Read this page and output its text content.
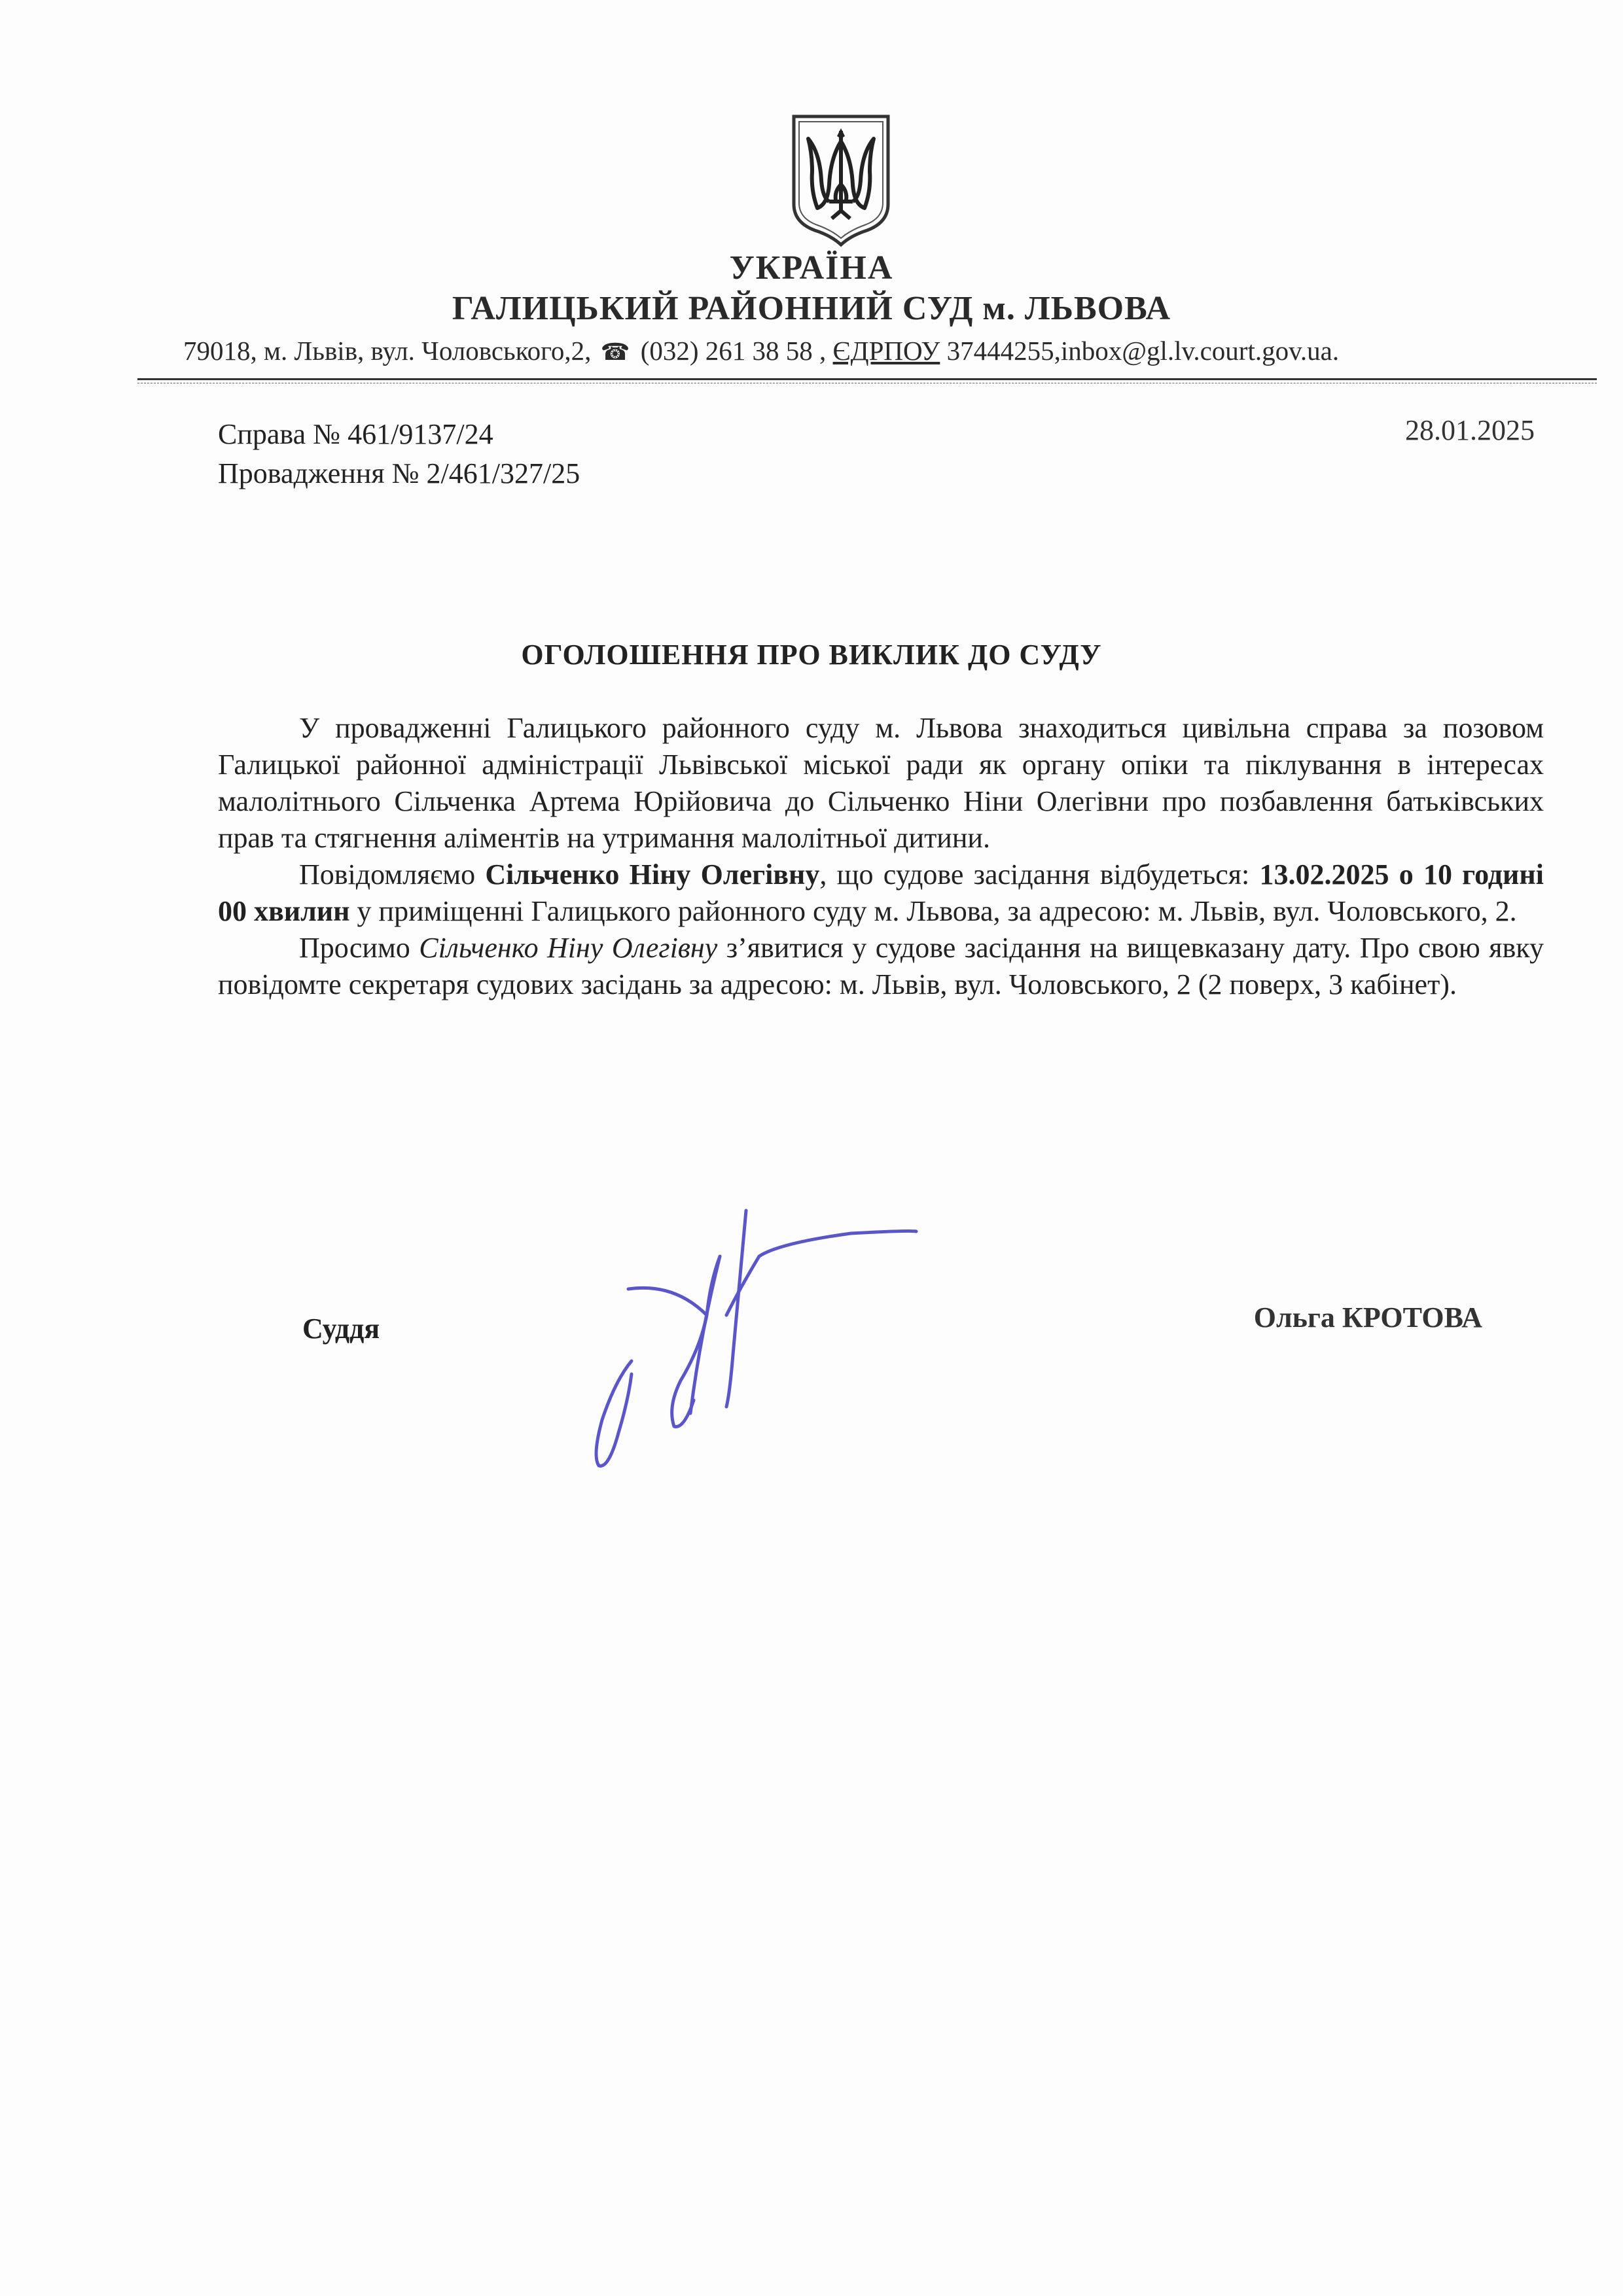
УКРАЇНА
ГАЛИЦЬКИЙ РАЙОННИЙ СУД м. ЛЬВОВА
79018, м. Львів, вул. Чоловського,2, ☎ (032) 261 38 58 , ЄДРПОУ 37444255,inbox@gl.lv.court.gov.ua.
Справа № 461/9137/24
Провадження № 2/461/327/25
28.01.2025
ОГОЛОШЕННЯ ПРО ВИКЛИК ДО СУДУ

У провадженні Галицького районного суду м. Львова знаходиться цивільна справа за позовом Галицької районної адміністрації Львівської міської ради як органу опіки та піклування в інтересах малолітнього Сільченка Артема Юрійовича до Сільченко Ніни Олегівни про позбавлення батьківських прав та стягнення аліментів на утримання малолітньої дитини.

Повідомляємо Сільченко Ніну Олегівну, що судове засідання відбудеться: 13.02.2025 о 10 годині 00 хвилин у приміщенні Галицького районного суду м. Львова, за адресою: м. Львів, вул. Чоловського, 2.

Просимо Сільченко Ніну Олегівну з’явитися у судове засідання на вищевказану дату. Про свою явку повідомте секретаря судових засідань за адресою: м. Львів, вул. Чоловського, 2 (2 поверх, 3 кабінет).

Суддя	Ольга КРОТОВА
